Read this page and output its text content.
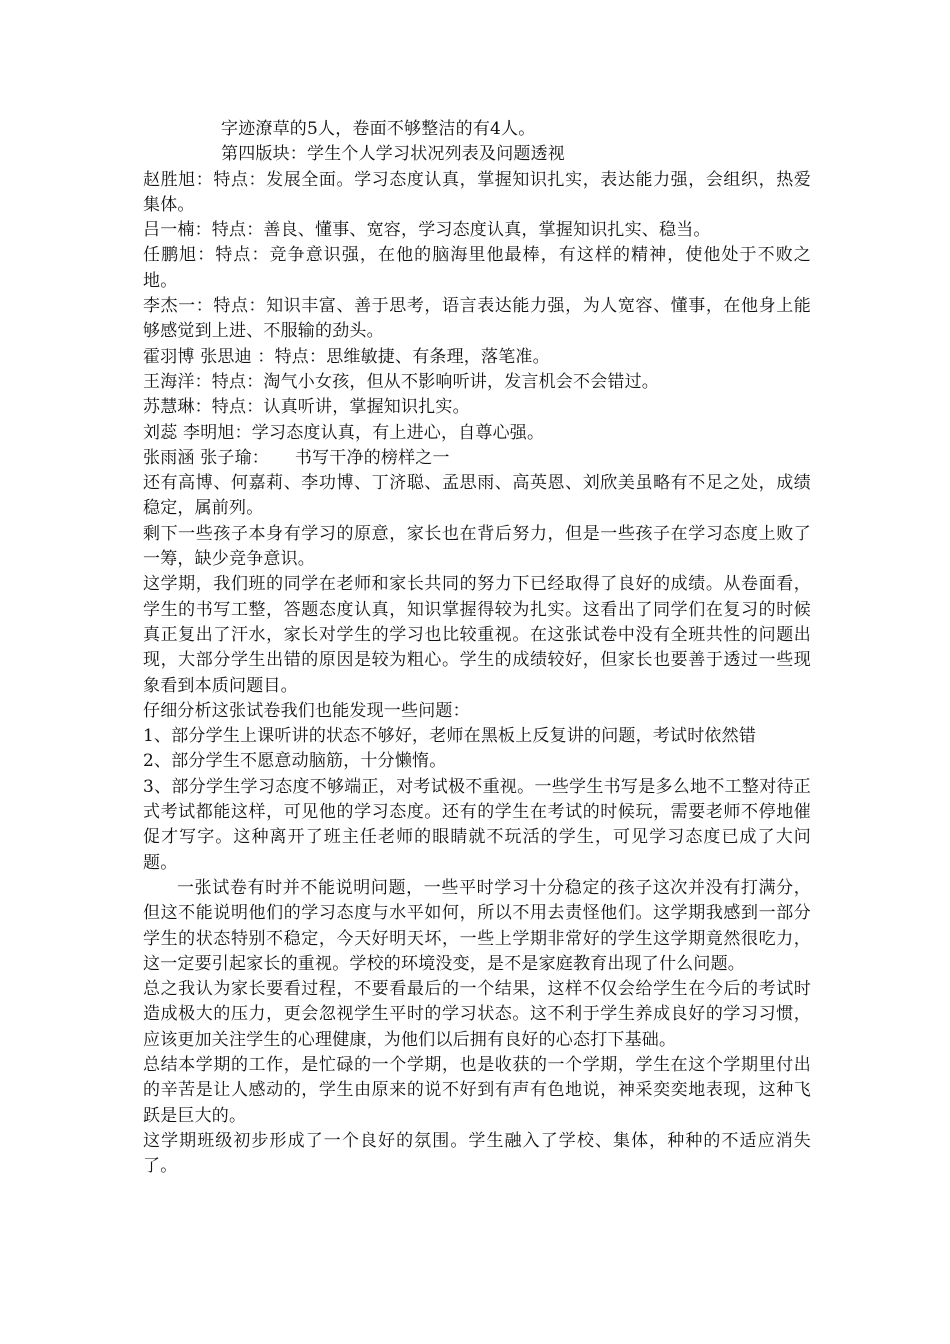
字迹潦草的5人，卷面不够整洁的有4人。

第四版块：学生个人学习状况列表及问题透视

赵胜旭：特点：发展全面。学习态度认真，掌握知识扎实，表达能力强，会组织，热爱集体。

吕一楠：特点：善良、懂事、宽容，学习态度认真，掌握知识扎实、稳当。

任鹏旭：特点：竞争意识强，在他的脑海里他最棒，有这样的精神，使他处于不败之地。

李杰一：特点：知识丰富、善于思考，语言表达能力强，为人宽容、懂事，在他身上能够感觉到上进、不服输的劲头。

霍羽博 张思迪 ：特点：思维敏捷、有条理，落笔准。

王海洋：特点：淘气小女孩，但从不影响听讲，发言机会不会错过。

苏慧琳：特点：认真听讲，掌握知识扎实。

刘蕊 李明旭：学习态度认真，有上进心，自尊心强。

张雨涵 张子瑜：　　书写干净的榜样之一

还有高博、何嘉莉、李功博、丁济聪、孟思雨、高英恩、刘欣美虽略有不足之处，成绩稳定，属前列。

剩下一些孩子本身有学习的原意，家长也在背后努力，但是一些孩子在学习态度上败了一筹，缺少竞争意识。

这学期，我们班的同学在老师和家长共同的努力下已经取得了良好的成绩。从卷面看，学生的书写工整，答题态度认真，知识掌握得较为扎实。这看出了同学们在复习的时候真正复出了汗水，家长对学生的学习也比较重视。在这张试卷中没有全班共性的问题出现，大部分学生出错的原因是较为粗心。学生的成绩较好，但家长也要善于透过一些现象看到本质问题目。

仔细分析这张试卷我们也能发现一些问题：

1、部分学生上课听讲的状态不够好，老师在黑板上反复讲的问题，考试时依然错

2、部分学生不愿意动脑筋，十分懒惰。

3、部分学生学习态度不够端正，对考试极不重视。一些学生书写是多么地不工整对待正式考试都能这样，可见他的学习态度。还有的学生在考试的时候玩，需要老师不停地催促才写字。这种离开了班主任老师的眼睛就不玩活的学生，可见学习态度已成了大问题。

一张试卷有时并不能说明问题，一些平时学习十分稳定的孩子这次并没有打满分，但这不能说明他们的学习态度与水平如何，所以不用去责怪他们。这学期我感到一部分学生的状态特别不稳定，今天好明天坏，一些上学期非常好的学生这学期竟然很吃力，这一定要引起家长的重视。学校的环境没变，是不是家庭教育出现了什么问题。

总之我认为家长要看过程，不要看最后的一个结果，这样不仅会给学生在今后的考试时造成极大的压力，更会忽视学生平时的学习状态。这不利于学生养成良好的学习习惯，应该更加关注学生的心理健康，为他们以后拥有良好的心态打下基础。

总结本学期的工作，是忙碌的一个学期，也是收获的一个学期，学生在这个学期里付出的辛苦是让人感动的，学生由原来的说不好到有声有色地说，神采奕奕地表现，这种飞跃是巨大的。

这学期班级初步形成了一个良好的氛围。学生融入了学校、集体，种种的不适应消失了。
